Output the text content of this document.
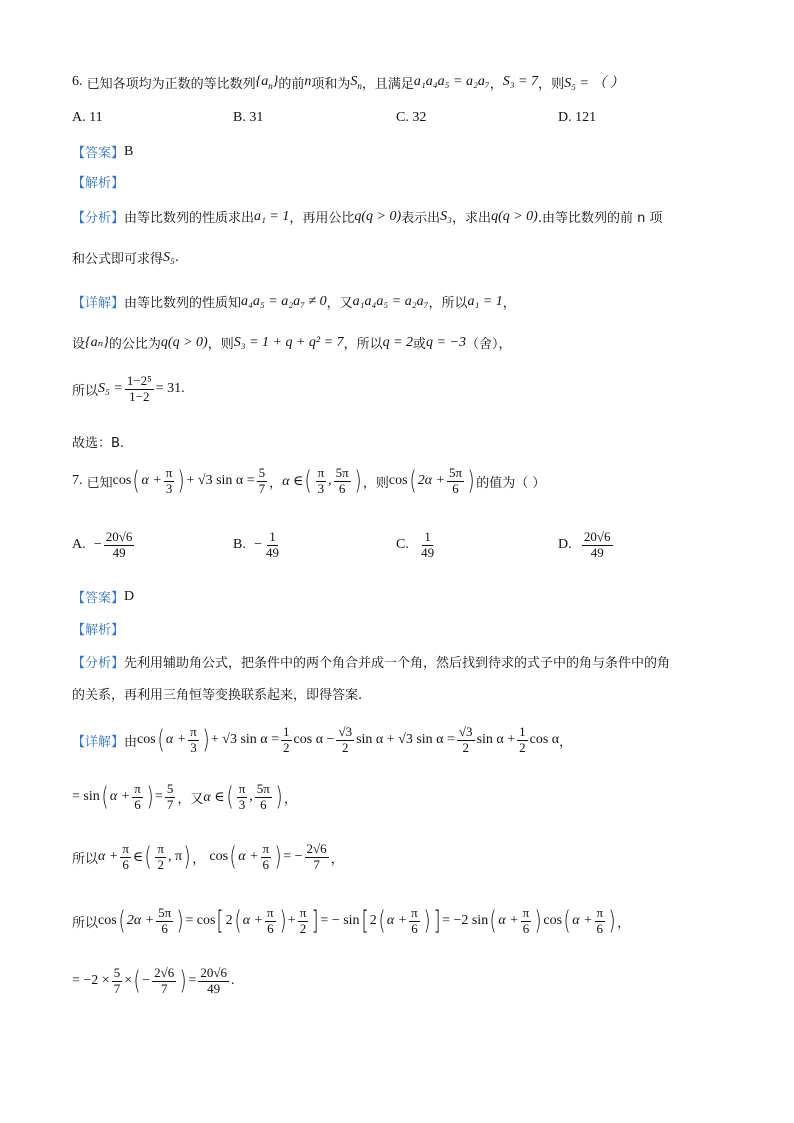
6.
已知各项均为正数的等比数列 $\{a_n\}$ 的前 n 项和为 $S_n$ ，且满足 a₁a₄a₅ = a₂a₇ ， S₃ = 7 ，则 S₅ = （ ）
A. 11	B. 31	C. 32	D. 121
【答案】 B
【解析】
【分析】 由等比数列的性质求出 a₁ = 1 ，再用公比 q(q > 0) 表示出 S₃ ，求出 q(q > 0) .由等比数列的前 n 项
和公式即可求得 S₅ .
【详解】 由等比数列的性质知 a₄a₅ = a₂a₇ ≠ 0 ，又 a₁a₄a₅ = a₂a₇ ，所以 a₁ = 1 ，
设 {aₙ} 的公比为 q(q > 0) ，则 S₃ = 1 + q + q² = 7 ，所以 q = 2 或 q = −3 （舍），
所以 $S_5 = \frac{\text{1−2⁵}}{1-2} = 31$.
故选：B.
7.
已知 cos ( $\alpha + \frac{\pi}{3}$ ) + √3 $\sin \alpha = \frac{5}{7}$ ， α ∈ ( $\frac{\pi}{3}$ , $\frac{5\pi}{6}$ ) ，则 cos ( $2\alpha + \frac{5\pi}{6}$ ) 的值为（ ）
A.
− $\frac{20√6}{49}$	B.
− $\frac{1}{49}$	C.
$\frac{1}{49}$	D.
$\frac{20√6}{49}$
【答案】 D
【解析】
【分析】 先利用辅助角公式，把条件中的两个角合并成一个角，然后找到待求的式子中的角与条件中的角
的关系，再利用三角恒等变换联系起来，即得答案.
【详解】 由 cos ( $\alpha + \frac{\pi}{3}$ ) + √3 $\sin \alpha = \frac{1}{2}$ $\cos \alpha - \frac{√3}{2}$ sin α + √3 $\sin \alpha = \frac{√3}{2}$ $\sin \alpha + \frac{1}{2}$ cos α ，
= sin ( $\alpha + \frac{\pi}{6}$ ) = $\frac{5}{7}$ ，又 α ∈ ( $\frac{\pi}{3}$ , $\frac{5\pi}{6}$ ) ，
所以 $\alpha + \frac{\pi}{6}$ ∈ ( $\frac{\pi}{2}$ , π ) ，
cos ( $\alpha + \frac{\pi}{6}$ ) = − $\frac{2√6}{7}$ ，
所以 cos ( $2\alpha + \frac{5\pi}{6}$ ) = cos [ 2 ( $\alpha + \frac{\pi}{6}$ ) + $\frac{\pi}{2}$ ] = − sin [ 2 ( $\alpha + \frac{\pi}{6}$ ) ] = −2 sin ( $\alpha + \frac{\pi}{6}$ ) cos ( $\alpha + \frac{\pi}{6}$ ) ，
= $-2 \times \frac{5}{7}$ × ( − $\frac{2√6}{7}$ ) = $\frac{20√6}{49}$ .
